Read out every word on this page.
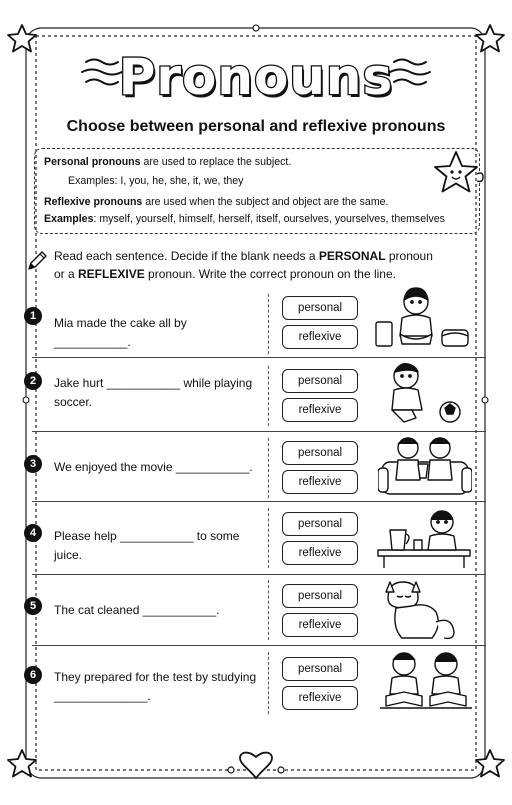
Pronouns
Choose between personal and reflexive pronouns
Personal pronouns are used to replace the subject.
Examples: I, you, he, she, it, we, they
Reflexive pronouns are used when the subject and object are the same.
Examples: myself, yourself, himself, herself, itself, ourselves, yourselves, themselves
Read each sentence. Decide if the blank needs a PERSONAL pronoun
or a REFLEXIVE pronoun. Write the correct pronoun on the line.
1	Mia made the cake all by ___________.
personal
reflexive
2	Jake hurt ___________ while playing soccer.
personal
reflexive
3	We enjoyed the movie ___________.
personal
reflexive
4	Please help ___________ to some juice.
personal
reflexive
5	The cat cleaned ___________.
personal
reflexive
6	They prepared for the test by studying ______________.
personal
reflexive
